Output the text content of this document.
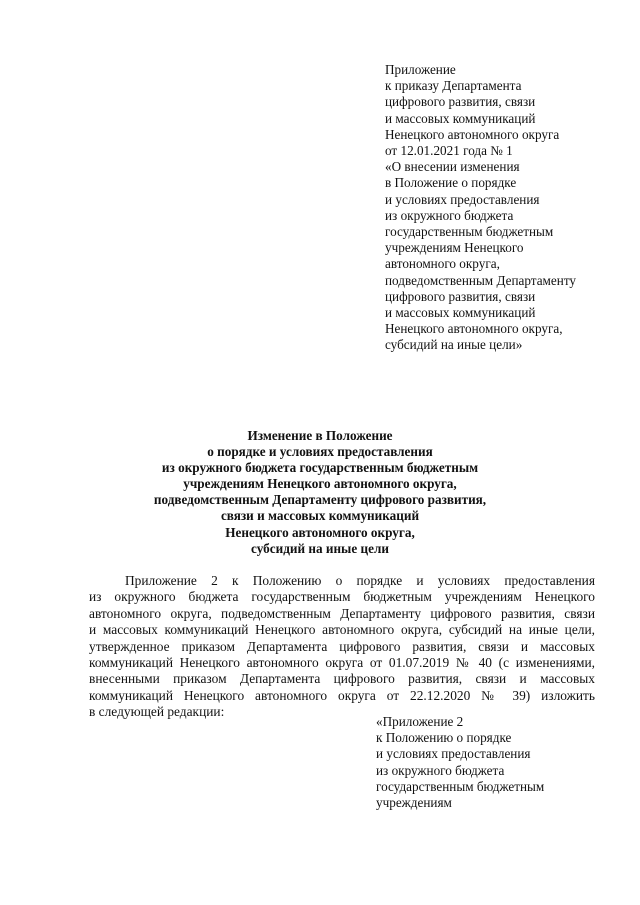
Приложение
к приказу Департамента
цифрового развития, связи
и массовых коммуникаций
Ненецкого автономного округа
от 12.01.2021 года № 1
«О внесении изменения
в Положение о порядке
и условиях предоставления
из окружного бюджета
государственным бюджетным
учреждениям Ненецкого
автономного округа,
подведомственным Департаменту
цифрового развития, связи
и массовых коммуникаций
Ненецкого автономного округа,
субсидий на иные цели»
Изменение в Положение
о порядке и условиях предоставления
из окружного бюджета государственным бюджетным
учреждениям Ненецкого автономного округа,
подведомственным Департаменту цифрового развития,
связи и массовых коммуникаций
Ненецкого автономного округа,
субсидий на иные цели
Приложение 2 к Положению о порядке и условиях предоставления
из окружного бюджета государственным бюджетным учреждениям Ненецкого
автономного округа, подведомственным Департаменту цифрового развития, связи
и массовых коммуникаций Ненецкого автономного округа, субсидий на иные цели,
утвержденное приказом Департамента цифрового развития, связи и массовых
коммуникаций Ненецкого автономного округа от 01.07.2019 № 40 (с изменениями,
внесенными приказом Департамента цифрового развития, связи и массовых
коммуникаций Ненецкого автономного округа от 22.12.2020 № 39) изложить
в следующей редакции:
«Приложение 2
к Положению о порядке
и условиях предоставления
из окружного бюджета
государственным бюджетным
учреждениям
